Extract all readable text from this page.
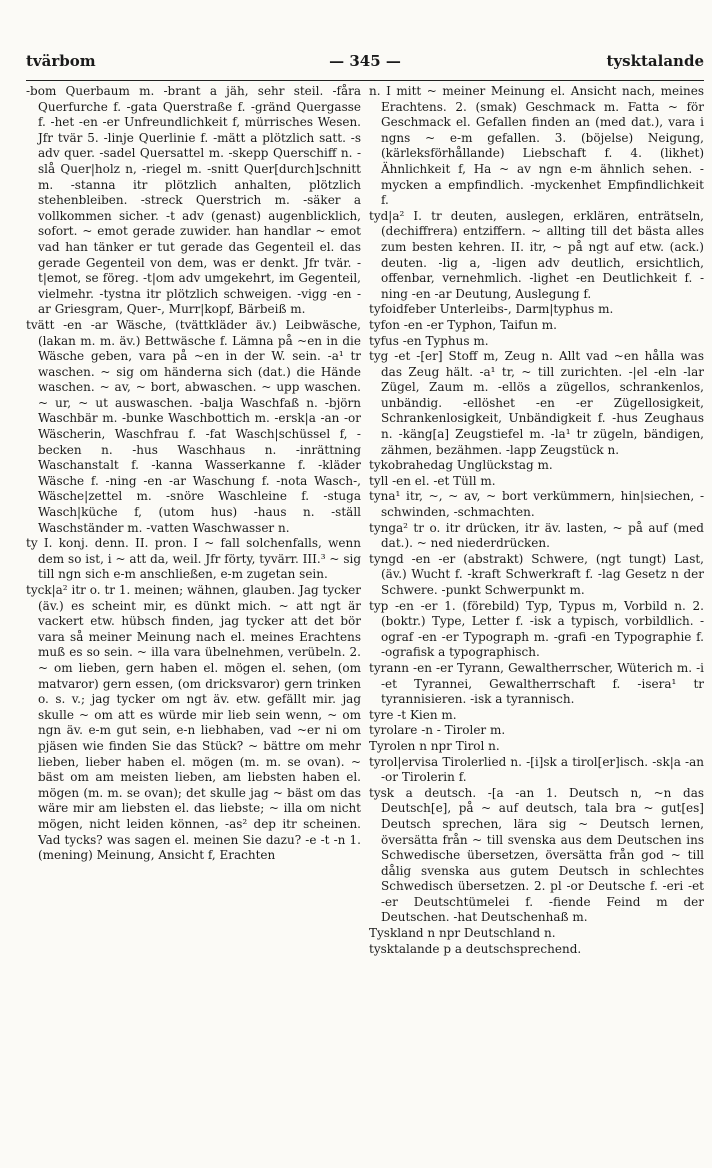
tvärbom	— 345 —	tysktalande

-bom Querbaum m. -brant a jäh, sehr steil. -fåra Querfurche f. -gata Querstraße f. -gränd Quergasse f. -het -en -er Unfreundlichkeit f, mürrisches Wesen. Jfr tvär 5. -linje Querlinie f. -mätt a plötzlich satt. -s adv quer. -sadel Quersattel m. -skepp Querschiff n. -slå Quer|holz n, -riegel m. -snitt Quer[durch]schnitt m. -stanna itr plötzlich anhalten, plötzlich stehenbleiben. -streck Querstrich m. -säker a vollkommen sicher. -t adv (genast) augenblicklich, sofort. ~ emot gerade zuwider. han handlar ~ emot vad han tänker er tut gerade das Gegenteil el. das gerade Gegenteil von dem, was er denkt. Jfr tvär. -t|emot, se föreg. -t|om adv umgekehrt, im Gegenteil, vielmehr. -tystna itr plötzlich schweigen. -vigg -en -ar Griesgram, Quer-, Murr|kopf, Bärbeiß m.

tvätt -en -ar Wäsche, (tvättkläder äv.) Leibwäsche, (lakan m. m. äv.) Bettwäsche f. Lämna på ~en in die Wäsche geben, vara på ~en in der W. sein. -a¹ tr waschen. ~ sig om händerna sich (dat.) die Hände waschen. ~ av, ~ bort, abwaschen. ~ upp waschen. ~ ur, ~ ut auswaschen. -balja Waschfaß n. -björn Waschbär m. -bunke Waschbottich m. -ersk|a -an -or Wäscherin, Waschfrau f. -fat Wasch|schüssel f, -becken n. -hus Waschhaus n. -inrättning Waschanstalt f. -kanna Wasserkanne f. -kläder Wäsche f. -ning -en -ar Waschung f. -nota Wasch-, Wäsche|zettel m. -snöre Waschleine f. -stuga Wasch|küche f, (utom hus) -haus n. -ställ Waschständer m. -vatten Waschwasser n.

ty I. konj. denn. II. pron. I ~ fall solchenfalls, wenn dem so ist, i ~ att da, weil. Jfr förty, tyvärr. III.³ ~ sig till ngn sich e-m anschließen, e-m zugetan sein.

tyck|a² itr o. tr 1. meinen; wähnen, glauben. Jag tycker (äv.) es scheint mir, es dünkt mich. ~ att ngt är vackert etw. hübsch finden, jag tycker att det bör vara så meiner Meinung nach el. meines Erachtens muß es so sein. ~ illa vara übelnehmen, verübeln. 2. ~ om lieben, gern haben el. mögen el. sehen, (om matvaror) gern essen, (om dricksvaror) gern trinken o. s. v.; jag tycker om ngt äv. etw. gefällt mir. jag skulle ~ om att es würde mir lieb sein wenn, ~ om ngn äv. e-m gut sein, e-n liebhaben, vad ~er ni om pjäsen wie finden Sie das Stück? ~ bättre om mehr lieben, lieber haben el. mögen (m. m. se ovan). ~ bäst om am meisten lieben, am liebsten haben el. mögen (m. m. se ovan); det skulle jag ~ bäst om das wäre mir am liebsten el. das liebste; ~ illa om nicht mögen, nicht leiden können, -as² dep itr scheinen. Vad tycks? was sagen el. meinen Sie dazu? -e -t -n 1. (mening) Meinung, Ansicht f, Erachten

n. I mitt ~ meiner Meinung el. Ansicht nach, meines Erachtens. 2. (smak) Geschmack m. Fatta ~ för Geschmack el. Gefallen finden an (med dat.), vara i ngns ~ e-m gefallen. 3. (böjelse) Neigung, (kärleksförhållande) Liebschaft f. 4. (likhet) Ähnlichkeit f, Ha ~ av ngn e-m ähnlich sehen. -mycken a empfindlich. -myckenhet Empfindlichkeit f.

tyd|a² I. tr deuten, auslegen, erklären, enträtseln, (dechiffrera) entziffern. ~ allting till det bästa alles zum besten kehren. II. itr, ~ på ngt auf etw. (ack.) deuten. -lig a, -ligen adv deutlich, ersichtlich, offenbar, vernehmlich. -lighet -en Deutlichkeit f. -ning -en -ar Deutung, Auslegung f.

tyfoidfeber Unterleibs-, Darm|typhus m.

tyfon -en -er Typhon, Taifun m.

tyfus -en Typhus m.

tyg -et -[er] Stoff m, Zeug n. Allt vad ~en hålla was das Zeug hält. -a¹ tr, ~ till zurichten. -|el -eln -lar Zügel, Zaum m. -ellös a zügellos, schrankenlos, unbändig. -ellöshet -en -er Zügellosigkeit, Schrankenlosigkeit, Unbändigkeit f. -hus Zeughaus n. -käng[a] Zeugstiefel m. -la¹ tr zügeln, bändigen, zähmen, bezähmen. -lapp Zeugstück n.

tykobrahedag Unglückstag m.

tyll -en el. -et Tüll m.

tyna¹ itr, ~, ~ av, ~ bort verkümmern, hin|siechen, -schwinden, -schmachten.

tynga² tr o. itr drücken, itr äv. lasten, ~ på auf (med dat.). ~ ned niederdrücken.

tyngd -en -er (abstrakt) Schwere, (ngt tungt) Last, (äv.) Wucht f. -kraft Schwerkraft f. -lag Gesetz n der Schwere. -punkt Schwerpunkt m.

typ -en -er 1. (förebild) Typ, Typus m, Vorbild n. 2. (boktr.) Type, Letter f. -isk a typisch, vorbildlich. -ograf -en -er Typograph m. -grafi -en Typographie f. -ografisk a typographisch.

tyrann -en -er Tyrann, Gewaltherrscher, Wüterich m. -i -et Tyrannei, Gewaltherrschaft f. -isera¹ tr tyrannisieren. -isk a tyrannisch.

tyre -t Kien m.

tyrolare -n - Tiroler m.

Tyrolen n npr Tirol n.

tyrol|ervisa Tirolerlied n. -[i]sk a tirol[er]isch. -sk|a -an -or Tirolerin f.

tysk a deutsch. -[a -an 1. Deutsch n, ~n das Deutsch[e], på ~ auf deutsch, tala bra ~ gut[es] Deutsch sprechen, lära sig ~ Deutsch lernen, översätta från ~ till svenska aus dem Deutschen ins Schwedische übersetzen, översätta från god ~ till dålig svenska aus gutem Deutsch in schlechtes Schwedisch übersetzen. 2. pl -or Deutsche f. -eri -et -er Deutschtümelei f. -fiende Feind m der Deutschen. -hat Deutschenhaß m.

Tyskland n npr Deutschland n.

tysktalande p a deutschsprechend.
